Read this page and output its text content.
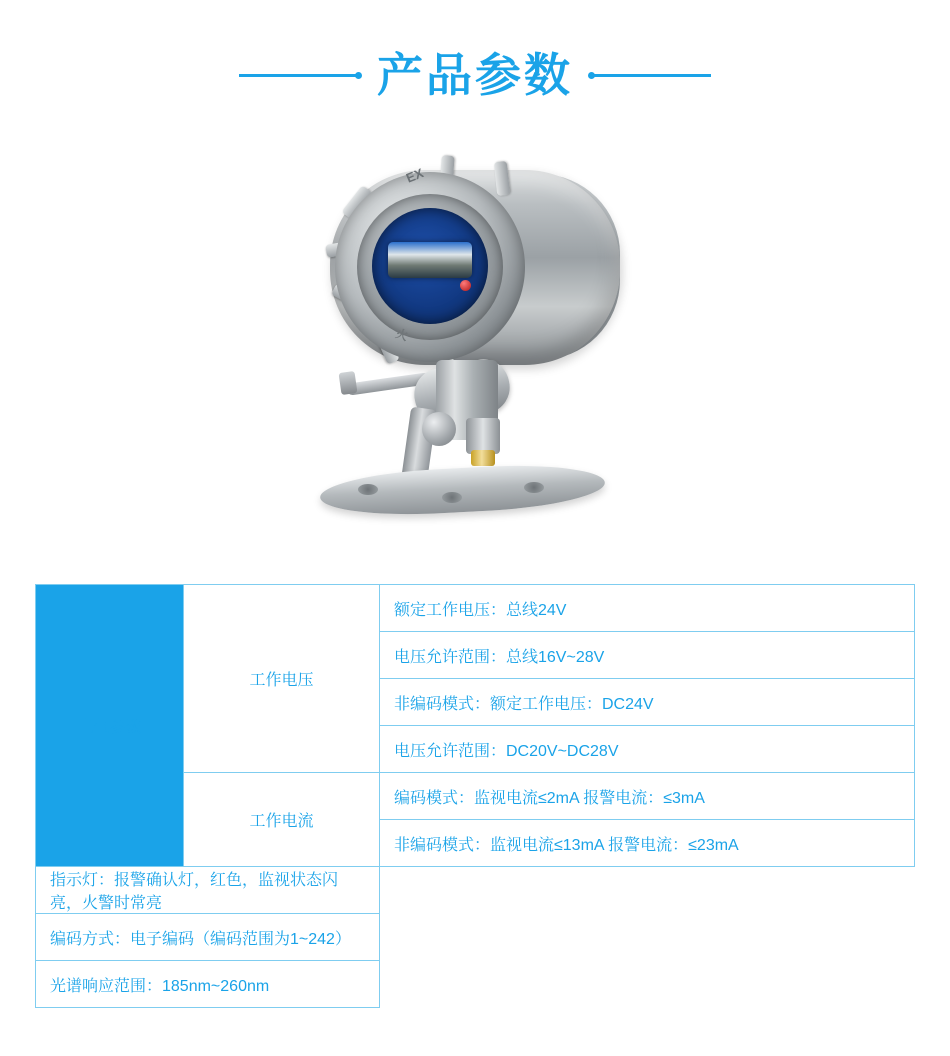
产品参数
EX
火
电气参数	工作电压	额定工作电压：总线24V
		电压允许范围：总线16V~28V
		非编码模式：额定工作电压：DC24V
		电压允许范围：DC20V~DC28V
	工作电流	编码模式：监视电流≤2mA 报警电流：≤3mA
		非编码模式：监视电流≤13mA 报警电流：≤23mA
指示灯：报警确认灯，红色，监视状态闪亮，火警时常亮		
编码方式：电子编码（编码范围为1~242）		
光谱响应范围：185nm~260nm		
